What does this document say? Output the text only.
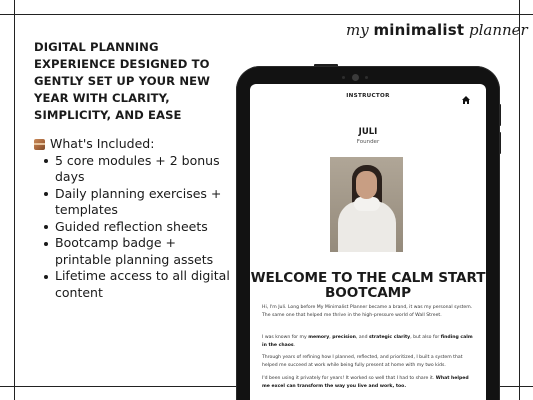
my minimalist planner
DIGITAL PLANNING EXPERIENCE DESIGNED TO GENTLY SET UP YOUR NEW YEAR WITH CLARITY, SIMPLICITY, AND EASE
What's Included:
5 core modules + 2 bonus days
Daily planning exercises + templates
Guided reflection sheets
Bootcamp badge + printable planning assets
Lifetime access to all digital content
INSTRUCTOR
JULI
Founder
WELCOME TO THE CALM START BOOTCAMP

Hi, I'm Juli. Long before My Minimalist Planner became a brand, it was my personal system. The same one that helped me thrive in the high-pressure world of Wall Street.

I was known for my memory, precision, and strategic clarity, but also for finding calm in the chaos.

Through years of refining how I planned, reflected, and prioritized, I built a system that helped me succeed at work while being fully present at home with my two kids.

I'd been using it privately for years! It worked so well that I had to share it. What helped me excel can transform the way you live and work, too.
